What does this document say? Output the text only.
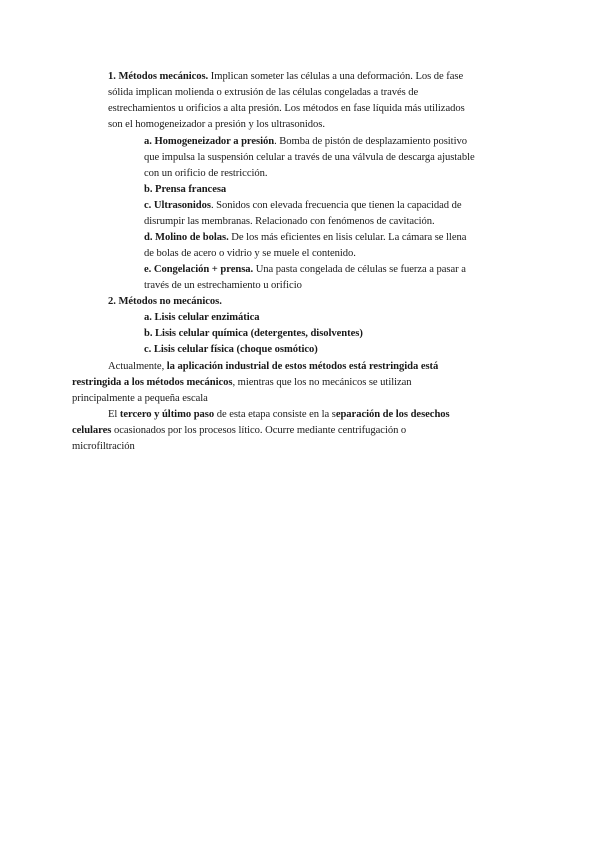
1. Métodos mecánicos. Implican someter las células a una deformación. Los de fase
sólida implican molienda o extrusión de las células congeladas a través de
estrechamientos u orificios a alta presión. Los métodos en fase líquida más utilizados
son el homogeneizador a presión y los ultrasonidos.
a. Homogeneizador a presión. Bomba de pistón de desplazamiento positivo
que impulsa la suspensión celular a través de una válvula de descarga ajustable
con un orificio de restricción.
b. Prensa francesa
c. Ultrasonidos. Sonidos con elevada frecuencia que tienen la capacidad de
disrumpir las membranas. Relacionado con fenómenos de cavitación.
d. Molino de bolas. De los más eficientes en lisis celular. La cámara se llena
de bolas de acero o vidrio y se muele el contenido.
e. Congelación + prensa. Una pasta congelada de células se fuerza a pasar a
través de un estrechamiento u orificio
2. Métodos no mecánicos.
a. Lisis celular enzimática
b. Lisis celular química (detergentes, disolventes)
c. Lisis celular física (choque osmótico)
Actualmente, la aplicación industrial de estos métodos está restringida está
restringida a los métodos mecánicos, mientras que los no mecánicos se utilizan
principalmente a pequeña escala
El tercero y último paso de esta etapa consiste en la separación de los desechos
celulares ocasionados por los procesos lítico. Ocurre mediante centrifugación o
microfiltración
